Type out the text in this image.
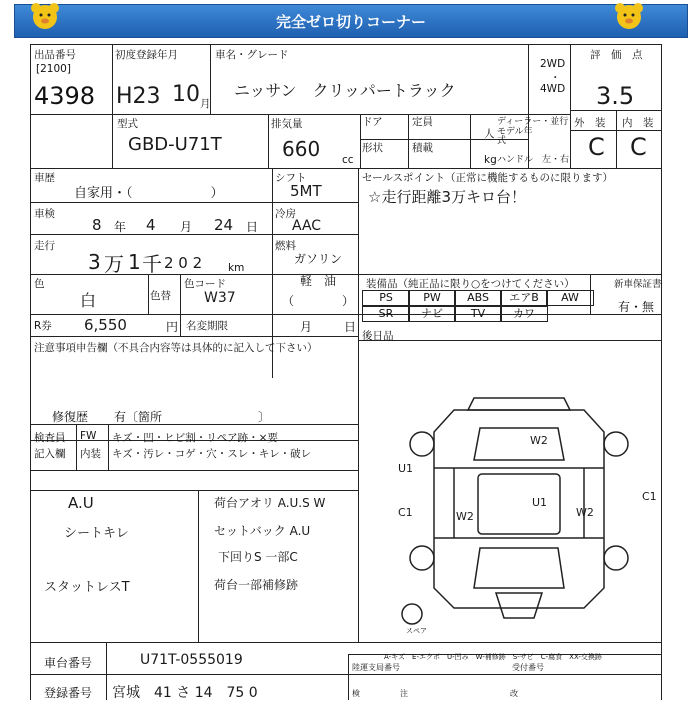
完全ゼロ切りコーナー
出品番号
[2100]
4398
初度登録年月
H23 10 月
車名・グレード
ニッサン　クリッパートラック
2WD
・
4WD
評　価　点
3.5
外　装 内　装
C C
型式
GBD-U71T
排気量
660 cc
ドア	定員
人
形状	積載
kg
ディーラー・並行
モデル年式
ハンドル　左・右
車歴
自家用・（　　　　　　）
シフト
5MT
セールスポイント（正常に機能するものに限ります）
☆走行距離3万キロ台！
車検
8 年 4 月 24 日
冷房
AAC
走行
3 万 1 千 2 0 2 km
燃料
ガソリン
軽　油
（　　　　）
色
白	色替
色コード
W37
装備品（純正品に限り○をつけてください）	新車保証書
有・無
PS	PW	ABS	エアB	AW
SR	ナビ	TV	カワ
R券 6,550	円 名変期限	月	日
後日品
注意事項申告欄（不具合内容等は具体的に記入して下さい）
修復歴 有〔箇所　　　　　　　　〕
検査員
記入欄
FW
内装
キズ・凹・ヒビ割・リペア跡・×要
キズ・汚レ・コゲ・穴・スレ・キレ・破レ
A.U
シートキレ
スタットレスT
荷台アオリ A.U.S W
セットバック A.U
下回りS 一部C
荷台一部補修跡
W2
U1
C1	W2
U1
W2
C1
スペア
A-キズ　E-エクボ　U-凹み　W-補修跡　S-サビ　C-腐食　XX-交換跡
車台番号	U71T-0555019
登録番号 宮城　41 さ 14　75 0
陸運支局番号
検
受付番号
注	改
